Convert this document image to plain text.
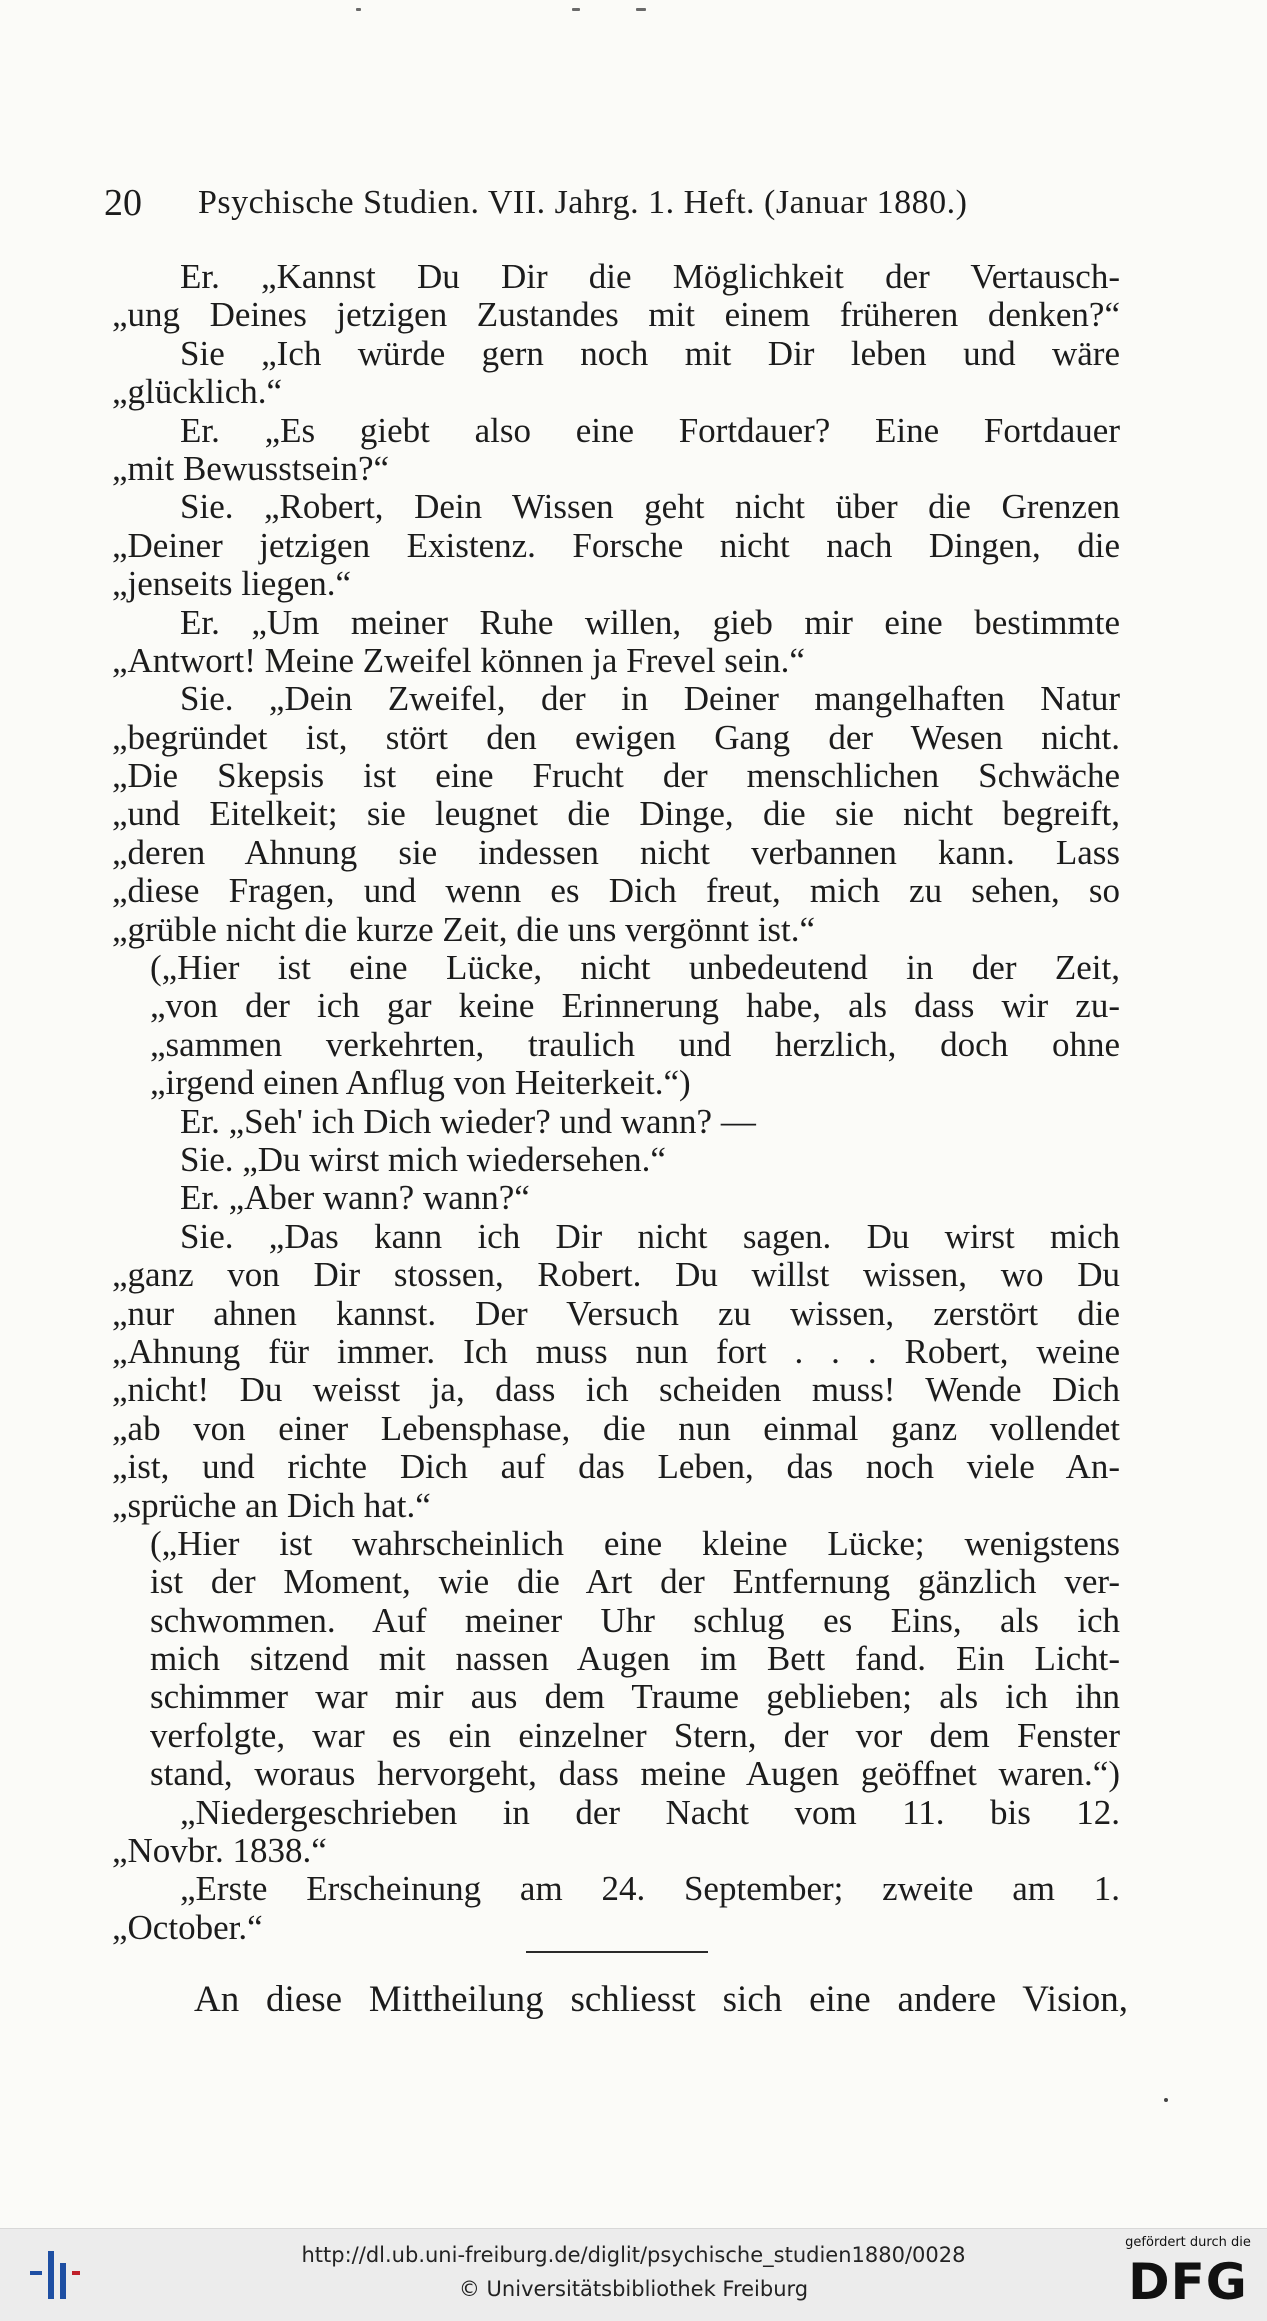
20 Psychische Studien. VII. Jahrg. 1. Heft. (Januar 1880.)
Er. „Kannst Du Dir die Möglichkeit der Vertausch-
„ung Deines jetzigen Zustandes mit einem früheren denken?“
Sie „Ich würde gern noch mit Dir leben und wäre
„glücklich.“
Er. „Es giebt also eine Fortdauer? Eine Fortdauer
„mit Bewusstsein?“
Sie. „Robert, Dein Wissen geht nicht über die Grenzen
„Deiner jetzigen Existenz. Forsche nicht nach Dingen, die
„jenseits liegen.“
Er. „Um meiner Ruhe willen, gieb mir eine bestimmte
„Antwort! Meine Zweifel können ja Frevel sein.“
Sie. „Dein Zweifel, der in Deiner mangelhaften Natur
„begründet ist, stört den ewigen Gang der Wesen nicht.
„Die Skepsis ist eine Frucht der menschlichen Schwäche
„und Eitelkeit; sie leugnet die Dinge, die sie nicht begreift,
„deren Ahnung sie indessen nicht verbannen kann. Lass
„diese Fragen, und wenn es Dich freut, mich zu sehen, so
„grüble nicht die kurze Zeit, die uns vergönnt ist.“
(„Hier ist eine Lücke, nicht unbedeutend in der Zeit,
„von der ich gar keine Erinnerung habe, als dass wir zu-
„sammen verkehrten, traulich und herzlich, doch ohne
„irgend einen Anflug von Heiterkeit.“)
Er. „Seh' ich Dich wieder? und wann? —
Sie. „Du wirst mich wiedersehen.“
Er. „Aber wann? wann?“
Sie. „Das kann ich Dir nicht sagen. Du wirst mich
„ganz von Dir stossen, Robert. Du willst wissen, wo Du
„nur ahnen kannst. Der Versuch zu wissen, zerstört die
„Ahnung für immer. Ich muss nun fort . . . Robert, weine
„nicht! Du weisst ja, dass ich scheiden muss! Wende Dich
„ab von einer Lebensphase, die nun einmal ganz vollendet
„ist, und richte Dich auf das Leben, das noch viele An-
„sprüche an Dich hat.“
(„Hier ist wahrscheinlich eine kleine Lücke; wenigstens
ist der Moment, wie die Art der Entfernung gänzlich ver-
schwommen. Auf meiner Uhr schlug es Eins, als ich
mich sitzend mit nassen Augen im Bett fand. Ein Licht-
schimmer war mir aus dem Traume geblieben; als ich ihn
verfolgte, war es ein einzelner Stern, der vor dem Fenster
stand, woraus hervorgeht, dass meine Augen geöffnet waren.“)
„Niedergeschrieben in der Nacht vom 11. bis 12.
„Novbr. 1838.“
„Erste Erscheinung am 24. September; zweite am 1.
„October.“
An diese Mittheilung schliesst sich eine andere Vision,
http://dl.ub.uni-freiburg.de/diglit/psychische_studien1880/0028
© Universitätsbibliothek Freiburg
gefördert durch die
DFG
